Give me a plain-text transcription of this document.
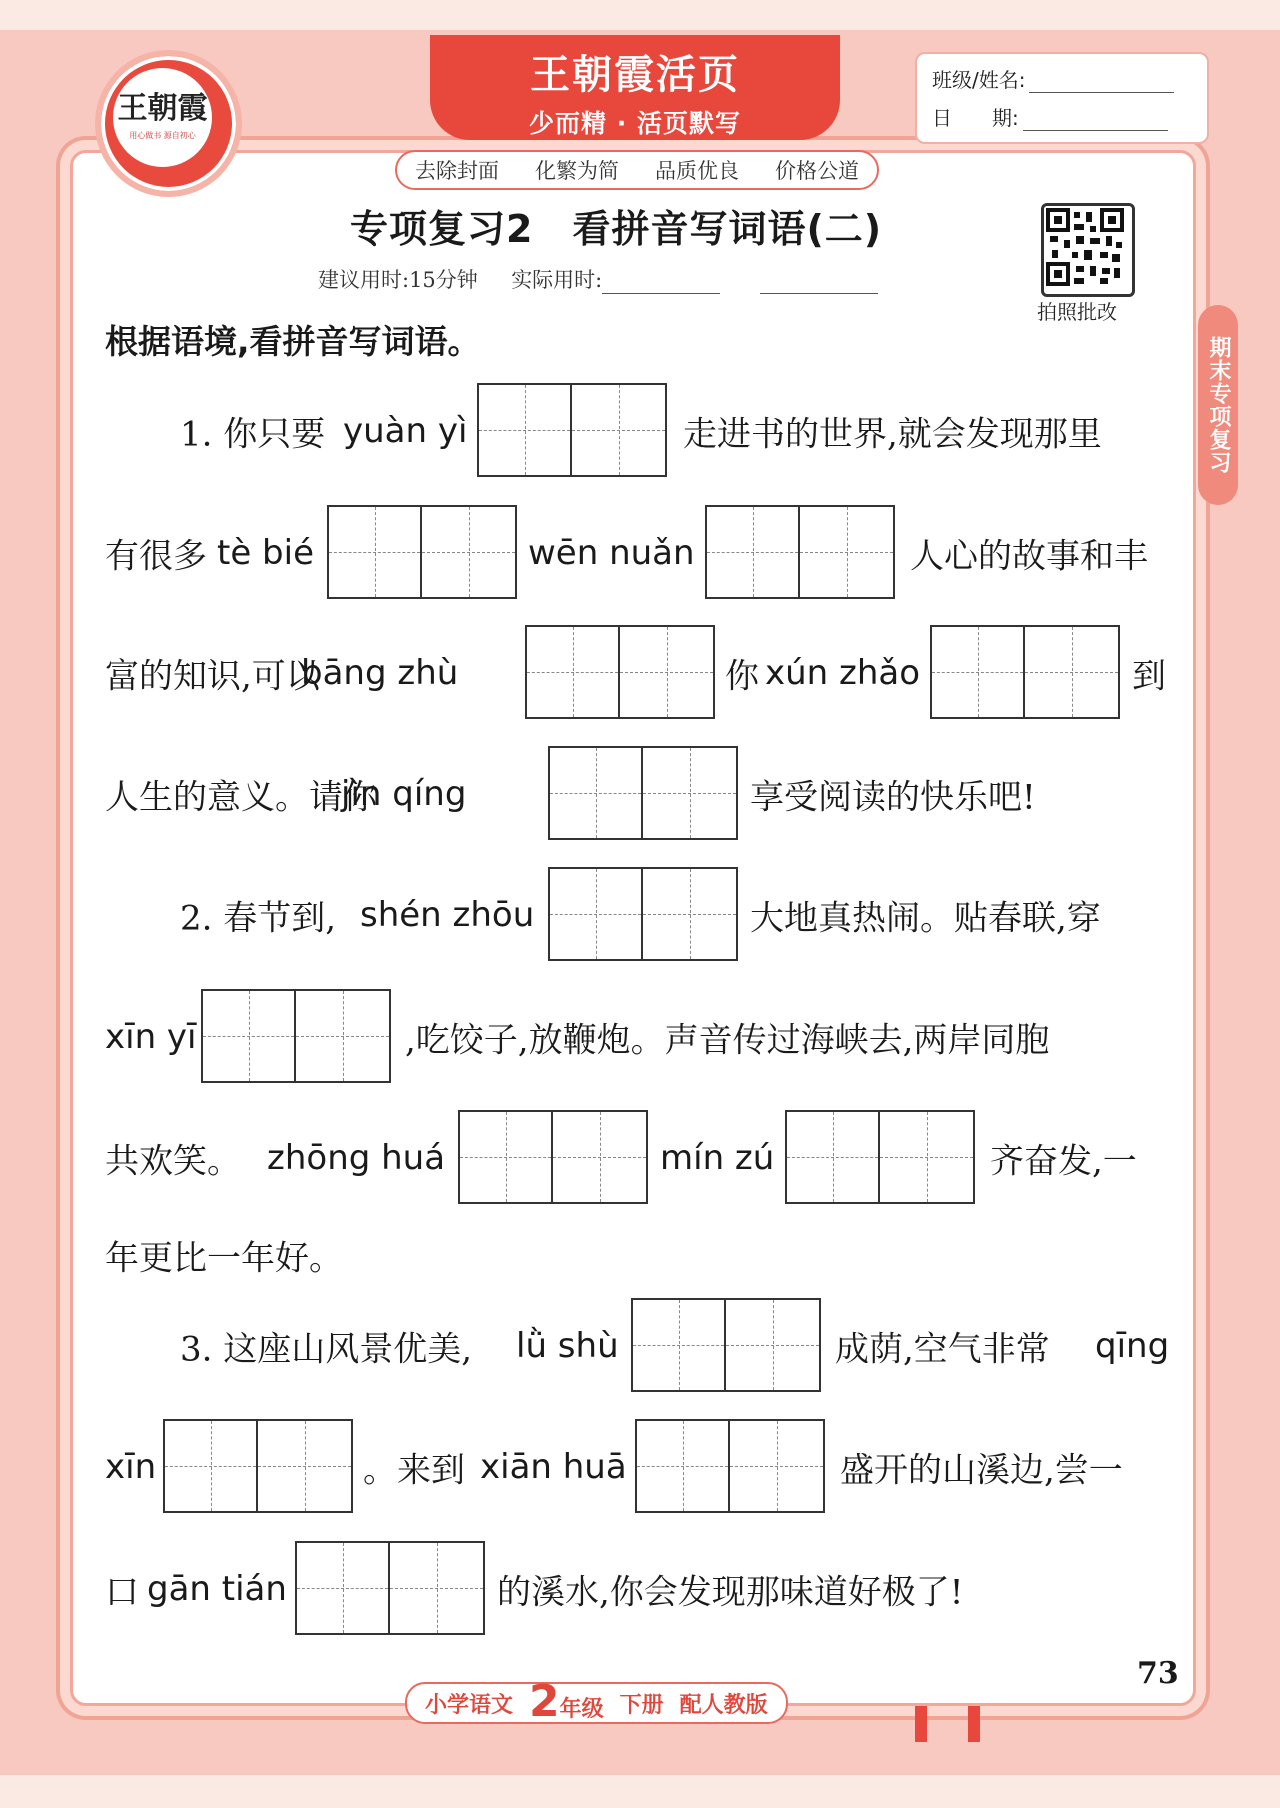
王朝霞
用心做书 源自初心
王朝霞活页
少而精 · 活页默写
去除封面 化繁为简 品质优良 价格公道
班级/姓名:
日　　期:
专项复习2　看拼音写词语(二)
建议用时:15分钟 实际用时:
拍照批改
期末专项复习
根据语境,看拼音写词语。
1. 你只要 yuàn yì	走进书的世界,就会发现那里
有很多 tè bié	wēn nuǎn	人心的故事和丰
富的知识,可以
bāng zhù	你 xún zhǎo	到
人生的意义。请你
jìn qíng	享受阅读的快乐吧!
2. 春节到, shén zhōu	大地真热闹。贴春联,穿
xīn yī	,吃饺子,放鞭炮。声音传过海峡去,两岸同胞
共欢笑。 zhōng huá	mín zú	齐奋发,一
年更比一年好。
3. 这座山风景优美, lǜ shù	成荫,空气非常 qīng
xīn	。来到 xiān huā	盛开的山溪边,尝一
口 gān tián	的溪水,你会发现那味道好极了!
73
小学语文 2年级 下册 配人教版
